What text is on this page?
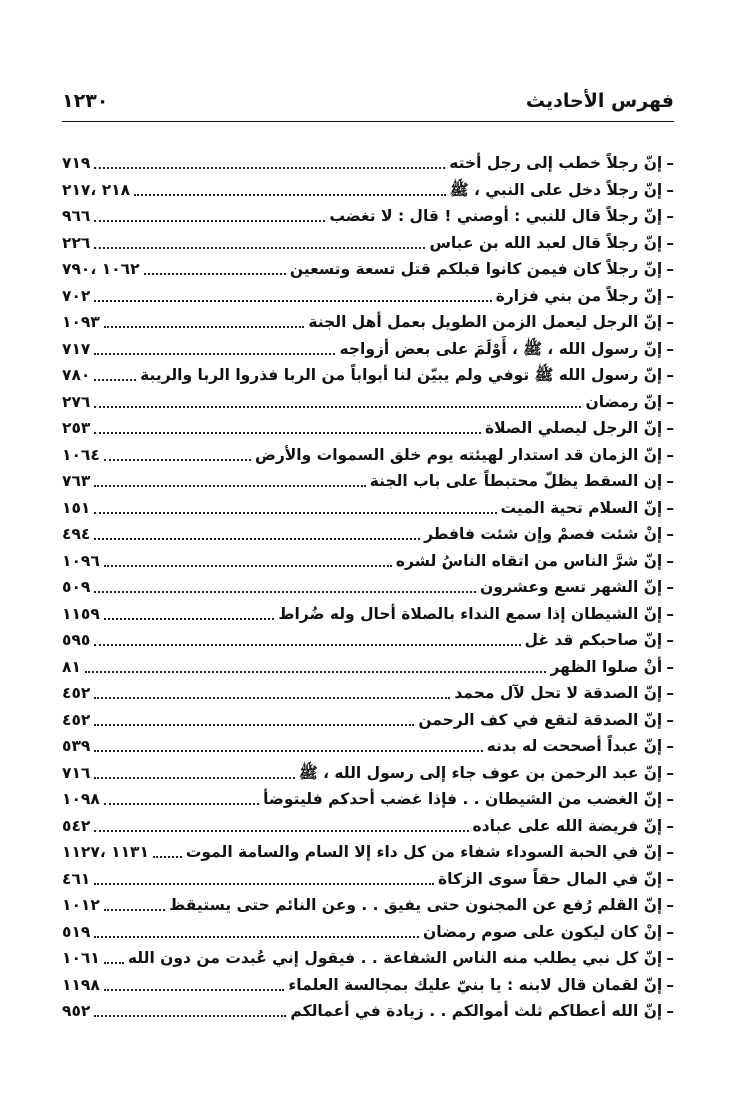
فهرس الأحاديث
١٢٣٠
–
إنّ رجلاً خطب إلى رجل أخته
٧١٩
–
إنّ رجلاً دخل على النبي ، ﷺ
٢١٨ ،٢١٧
–
إنّ رجلاً قال للنبي : أوصني ! قال : لا تغضب
٩٦٦
–
إنّ رجلاً قال لعبد الله بن عباس
٢٢٦
–
إنّ رجلاً كان فيمن كانوا قبلكم قتل تسعة وتسعين
١٠٦٢ ،٧٩٠
–
إنّ رجلاً من بني فزارة
٧٠٢
–
إنّ الرجل ليعمل الزمن الطويل بعمل أهل الجنة
١٠٩٣
–
إنّ رسول الله ، ﷺ ، أَوْلَمَ على بعض أزواجه
٧١٧
–
إنّ رسول الله ﷺ توفي ولم يبيّن لنا أبواباً من الربا فذروا الربا والريبة
٧٨٠
–
إنّ رمضان
٢٧٦
–
إنّ الرجل ليصلي الصلاة
٢٥٣
–
إنّ الزمان قد استدار لهيئته يوم خلق السموات والأرض
١٠٦٤
–
إن السقط يظلّ محتبطاً على باب الجنة
٧٦٣
–
إنّ السلام تحية الميت
١٥١
–
إنْ شئت فصمْ وإن شئت فافطر
٤٩٤
–
إنّ شرَّ الناس من اتقاه الناسُ لشره
١٠٩٦
–
إنّ الشهر تسع وعشرون
٥٠٩
–
إنّ الشيطان إذا سمع النداء بالصلاة أحال وله ضُراط
١١٥٩
–
إنّ صاحبكم قد غل
٥٩٥
–
أنْ صلوا الظهر
٨١
–
إنّ الصدقة لا تحل لآل محمد
٤٥٢
–
إنّ الصدقة لتقع في كف الرحمن
٤٥٢
–
إنّ عبداً أصححت له بدنه
٥٣٩
–
إنّ عبد الرحمن بن عوف جاء إلى رسول الله ، ﷺ
٧١٦
–
إنّ الغضب من الشيطان . . فإذا غضب أحدكم فليتوضأ
١٠٩٨
–
إنّ فريضة الله على عباده
٥٤٢
–
إنّ في الحبة السوداء شفاء من كل داء إلا السام والسامة الموت
١١٣١ ،١١٢٧
–
إنّ في المال حقاً سوى الزكاة
٤٦١
–
إنّ القلم رُفع عن المجنون حتى يفيق . . وعن النائم حتى يستيقظ
١٠١٢
–
إنْ كان ليكون على صوم رمضان
٥١٩
–
إنّ كل نبي يطلب منه الناس الشفاعة . . فيقول إني عُبدت من دون الله
١٠٦١
–
إنّ لقمان قال لابنه : يا بنيّ عليك بمجالسة العلماء
١١٩٨
–
إنّ الله أعطاكم ثلث أموالكم . . زيادة في أعمالكم
٩٥٢
